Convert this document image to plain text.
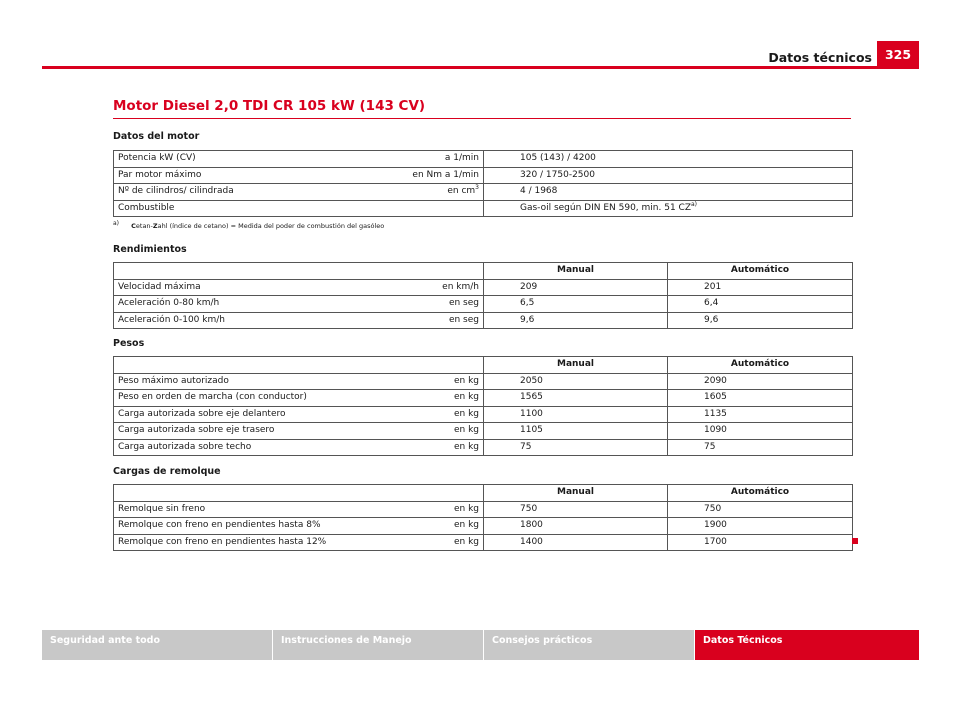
Datos técnicos	325
Motor Diesel 2,0 TDI CR 105 kW (143 CV)
Datos del motor
Potencia kW (CV)	a 1/min	105 (143) / 4200
Par motor máximo	en Nm a 1/min	320 / 1750-2500
Nº de cilindros/ cilindrada	en $cm^3$	4 / 1968
Combustible		Gas-oil según DIN EN 590, min. 51 CZ$^{a)}$
$^{a)}$ Cetan-Zahl (índice de cetano) = Medida del poder de combustión del gasóleo
Rendimientos
		Manual	Automático
Velocidad máxima	en km/h	209	201
Aceleración 0-80 km/h	en seg	6,5	6,4
Aceleración 0-100 km/h	en seg	9,6	9,6
Pesos
		Manual	Automático
Peso máximo autorizado	en kg	2050	2090
Peso en orden de marcha (con conductor)	en kg	1565	1605
Carga autorizada sobre eje delantero	en kg	1100	1135
Carga autorizada sobre eje trasero	en kg	1105	1090
Carga autorizada sobre techo	en kg	75	75
Cargas de remolque
		Manual	Automático
Remolque sin freno	en kg	750	750
Remolque con freno en pendientes hasta 8%	en kg	1800	1900
Remolque con freno en pendientes hasta 12%	en kg	1400	1700
Seguridad ante todo	Instrucciones de Manejo	Consejos prácticos	Datos Técnicos
